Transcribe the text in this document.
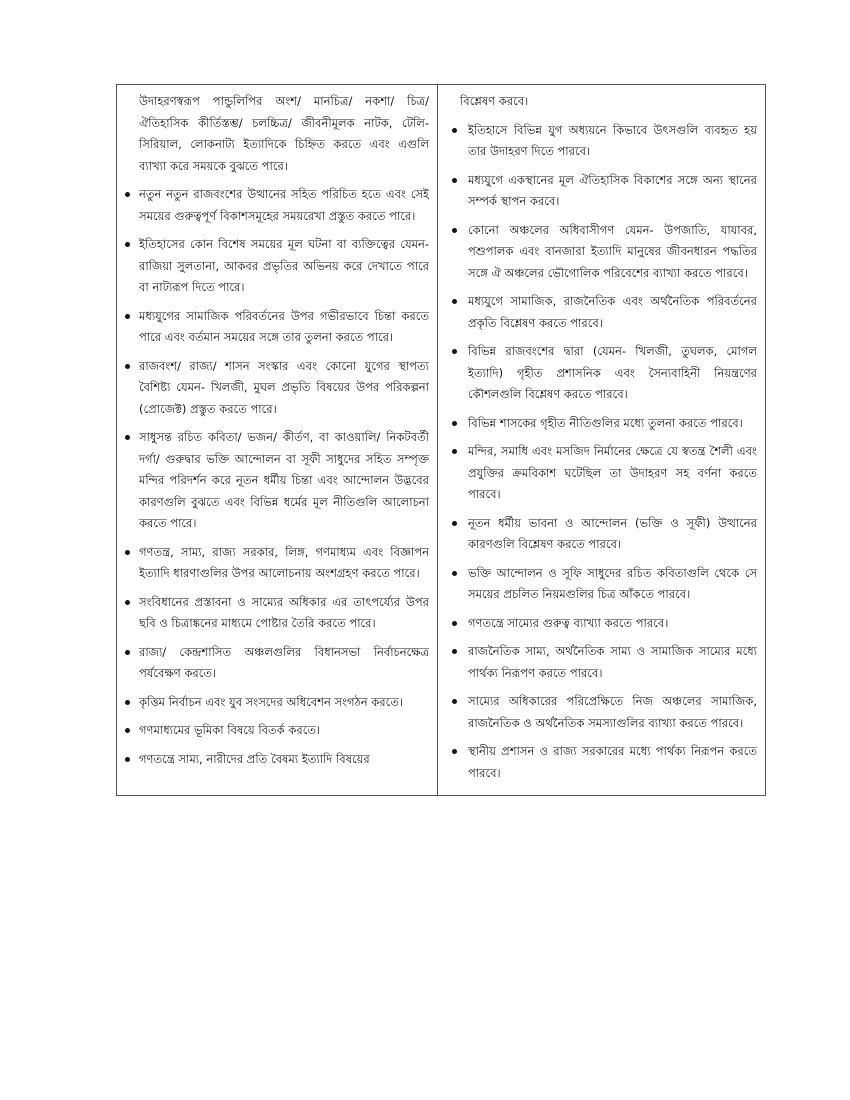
উদাহরণস্বরূপ পান্ডুলিপির অংশ/ মানচিত্র/ নকশা/ চিত্র/ ঐতিহাসিক কীর্তিস্তম্ভ/ চলচ্চিত্র/ জীবনীমূলক নাটক, টেলি-সিরিয়াল, লোকনাট্য ইত্যাদিকে চিহ্নিত করতে এবং এগুলি ব্যাখ্যা করে সময়কে বুঝতে পারে।

নতুন নতুন রাজবংশের উত্থানের সহিত পরিচিত হতে এবং সেই সময়ের গুরুত্বপূর্ণ বিকাশসমূহের সময়রেখা প্রস্তুত করতে পারে।
ইতিহাসের কোন বিশেষ সময়ের মূল ঘটনা বা ব্যক্তিত্বের যেমন- রাজিয়া সুলতানা, আকবর প্রভৃতির অভিনয় করে দেখাতে পারে বা নাট্যরূপ দিতে পারে।
মধ্যযুগের সামাজিক পরিবর্তনের উপর গভীরভাবে চিন্তা করতে পারে এবং বর্তমান সময়ের সঙ্গে তার তুলনা করতে পারে।
রাজবংশ/ রাজ্য/ শাসন সংস্কার এবং কোনো যুগের স্থাপত্য বৈশিষ্ট্য যেমন- খিলজী, মুঘল প্রভৃতি বিষয়ের উপর পরিকল্পনা (প্রোজেক্ট) প্রস্তুত করতে পারে।
সাধুসন্ত রচিত কবিতা/ ভজন/ কীর্তণ, বা কাওয়ালি/ নিকটবর্তী দর্গা/ গুরুদ্বার ভক্তি আন্দোলন বা সূফী সাধুদের সহিত সম্পৃক্ত মন্দির পরিদর্শন করে নূতন ধর্মীয় চিন্তা এবং আন্দোলন উদ্ভবের কারণগুলি বুঝতে এবং বিভিন্ন ধর্মের মূল নীতিগুলি আলোচনা করতে পারে।
গণতন্ত্র, সাম্য, রাজ্য সরকার, লিঙ্গ, গণমাধ্যম এবং বিজ্ঞাপন ইত্যাদি ধারণাগুলির উপর আলোচনায় অংশগ্রহণ করতে পারে।
সংবিধানের প্রস্তাবনা ও সাম্যের অধিকার এর তাৎপর্য্যের উপর ছবি ও চিত্রাঙ্কনের মাধ্যমে পোষ্টার তৈরি করতে পারে।
রাজ্য/ কেন্দ্রশাসিত অঞ্চলগুলির বিধানসভা নির্বাচনক্ষেত্র পর্যবেক্ষণ করতে।
কৃত্তিম নির্বাচন এবং যুব সংসদের অধিবেশন সংগঠন করতে।
গণমাধ্যমের ভূমিকা বিষয়ে বিতর্ক করতে।
গণতন্ত্রে সাম্য, নারীদের প্রতি বৈষম্য ইত্যাদি বিষয়ের

বিশ্লেষণ করবে।

ইতিহাসে বিভিন্ন যুগ অধ্যয়নে কিভাবে উৎসগুলি ব্যবহৃত হয় তার উদাহরণ দিতে পারবে।
মধ্যযুগে একস্থানের মূল ঐতিহাসিক বিকাশের সঙ্গে অন্য স্থানের সম্পর্ক স্থাপন করবে।
কোনো অঞ্চলের অধিবাসীগণ যেমন- উপজাতি, যাযাবর, পশুপালক এবং বানজারা ইত্যাদি মানুষের জীবনধারন পদ্ধতির সঙ্গে ঐ অঞ্চলের ভৌগোলিক পরিবেশের ব্যাখ্যা করতে পারবে।
মধ্যযুগে সামাজিক, রাজনৈতিক এবং অর্থনৈতিক পরিবর্তনের প্রকৃতি বিশ্লেষণ করতে পারবে।
বিভিন্ন রাজবংশের দ্বারা (যেমন- খিলজী, তুঘলক, মোগল ইত্যাদি) গৃহীত প্রশাসনিক এবং সৈন্যবাহিনী নিয়ন্ত্রণের কৌশলগুলি বিশ্লেষণ করতে পারবে।
বিভিন্ন শাসকের গৃহীত নীতিগুলির মধ্যে তুলনা করতে পারবে।
মন্দির, সমাধি এবং মসজিদ নির্মানের ক্ষেত্রে যে স্বতন্ত্র শৈলী এবং প্রযুক্তির ক্রমবিকাশ ঘটেছিল তা উদাহরণ সহ বর্ণনা করতে পারবে।
নূতন ধর্মীয় ভাবনা ও আন্দোলন (ভক্তি ও সূফী) উত্থানের কারণগুলি বিশ্লেষণ করতে পারবে।
ভক্তি আন্দোলন ও সূফি সাধুদের রচিত কবিতাগুলি থেকে সে সময়ের প্রচলিত নিয়মগুলির চিত্র আঁকতে পারবে।
গণতন্ত্রে সাম্যের গুরুত্ব ব্যাখ্যা করতে পারবে।
রাজনৈতিক সাম্য, অর্থনৈতিক সাম্য ও সামাজিক সাম্যের মধ্যে পার্থক্য নিরূপণ করতে পারবে।
সাম্যের অধিকারের পরিপ্রেক্ষিতে নিজ অঞ্চলের সামাজিক, রাজনৈতিক ও অর্থনৈতিক সমস্যাগুলির ব্যাখ্যা করতে পারবে।
স্থানীয় প্রশাসন ও রাজ্য সরকারের মধ্যে পার্থক্য নিরূপন করতে পারবে।
